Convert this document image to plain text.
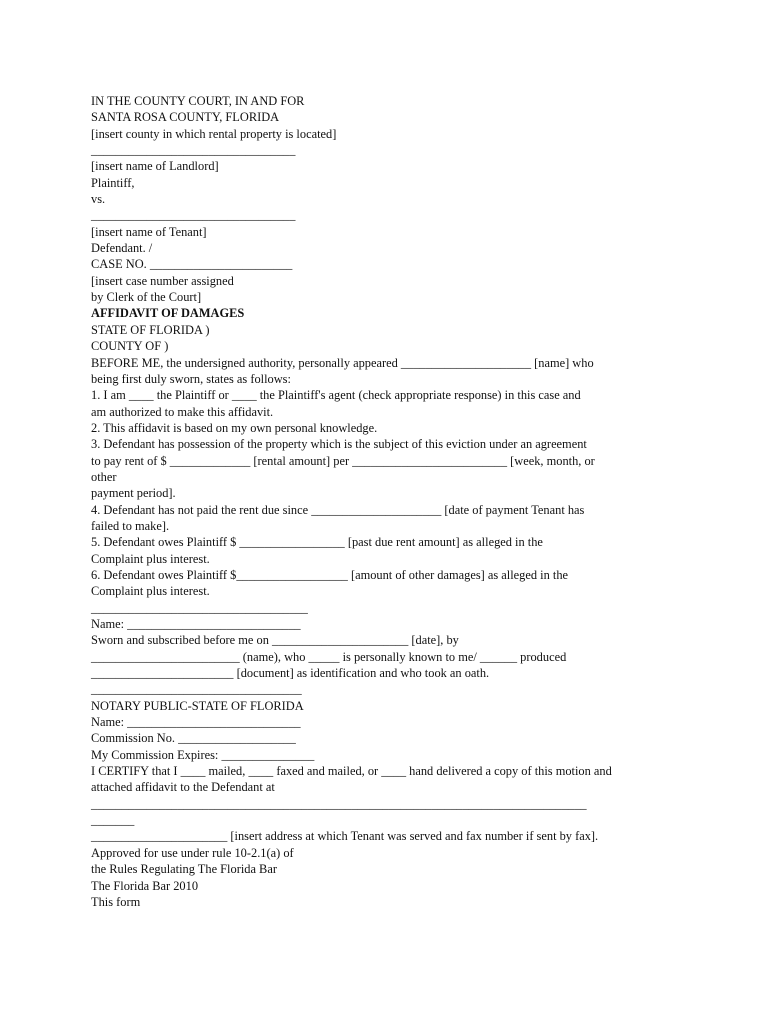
IN THE COUNTY COURT, IN AND FOR
SANTA ROSA COUNTY, FLORIDA
[insert county in which rental property is located]
_________________________________
[insert name of Landlord]
Plaintiff,
vs.
_________________________________
[insert name of Tenant]
Defendant. /
CASE NO. _______________________
[insert case number assigned
by Clerk of the Court]
AFFIDAVIT OF DAMAGES
STATE OF FLORIDA )
COUNTY OF )
BEFORE ME, the undersigned authority, personally appeared _____________________ [name] who
being first duly sworn, states as follows:
1. I am ____ the Plaintiff or ____ the Plaintiff's agent (check appropriate response) in this case and
am authorized to make this affidavit.
2. This affidavit is based on my own personal knowledge.
3. Defendant has possession of the property which is the subject of this eviction under an agreement
to pay rent of $ _____________ [rental amount] per _________________________ [week, month, or
other
payment period].
4. Defendant has not paid the rent due since _____________________ [date of payment Tenant has
failed to make].
5. Defendant owes Plaintiff $ _________________ [past due rent amount] as alleged in the
Complaint plus interest.
6. Defendant owes Plaintiff $__________________ [amount of other damages] as alleged in the
Complaint plus interest.
___________________________________
Name: ____________________________
Sworn and subscribed before me on ______________________ [date], by
________________________ (name), who _____ is personally known to me/ ______ produced
_______________________ [document] as identification and who took an oath.
__________________________________
NOTARY PUBLIC-STATE OF FLORIDA
Name: ____________________________
Commission No. ___________________
My Commission Expires: _______________
I CERTIFY that I ____ mailed, ____ faxed and mailed, or ____ hand delivered a copy of this motion and
attached affidavit to the Defendant at
________________________________________________________________________________
_______
______________________ [insert address at which Tenant was served and fax number if sent by fax].
Approved for use under rule 10-2.1(a) of
the Rules Regulating The Florida Bar
The Florida Bar 2010
This form
